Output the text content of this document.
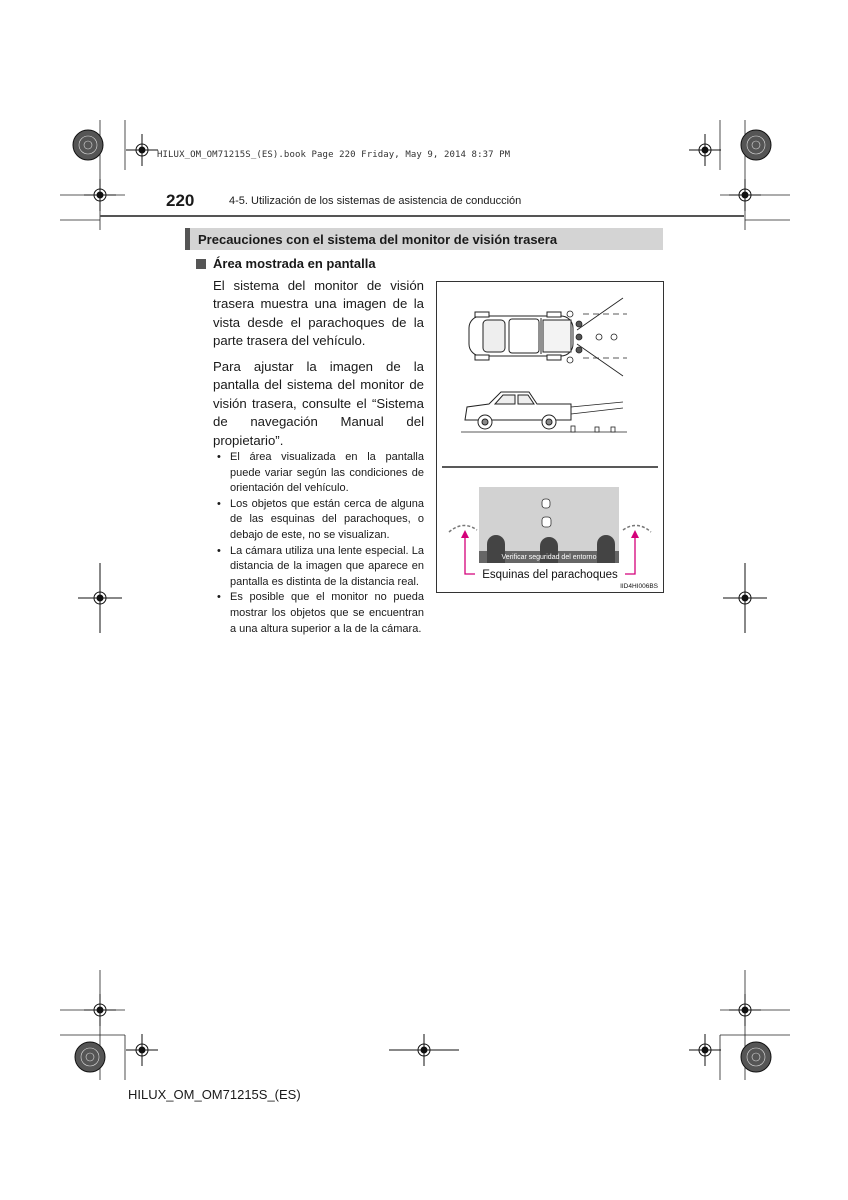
HILUX_OM_OM71215S_(ES).book Page 220 Friday, May 9, 2014 8:37 PM
220	4-5. Utilización de los sistemas de asistencia de conducción
Precauciones con el sistema del monitor de visión trasera
Área mostrada en pantalla

El sistema del monitor de visión trasera muestra una imagen de la vista desde el parachoques de la parte trasera del vehículo.

Para ajustar la imagen de la pantalla del sistema del monitor de visión trasera, consulte el “Sistema de navegación Manual del propietario”.

• El área visualizada en la pantalla puede variar según las condiciones de orientación del vehículo.
• Los objetos que están cerca de alguna de las esquinas del parachoques, o debajo de este, no se visualizan.
• La cámara utiliza una lente especial. La distancia de la imagen que aparece en pantalla es distinta de la distancia real.
• Es posible que el monitor no pueda mostrar los objetos que se encuentran a una altura superior a la de la cámara.
Verificar seguridad del entorno
Esquinas del parachoques
IID4HI006BS
HILUX_OM_OM71215S_(ES)
